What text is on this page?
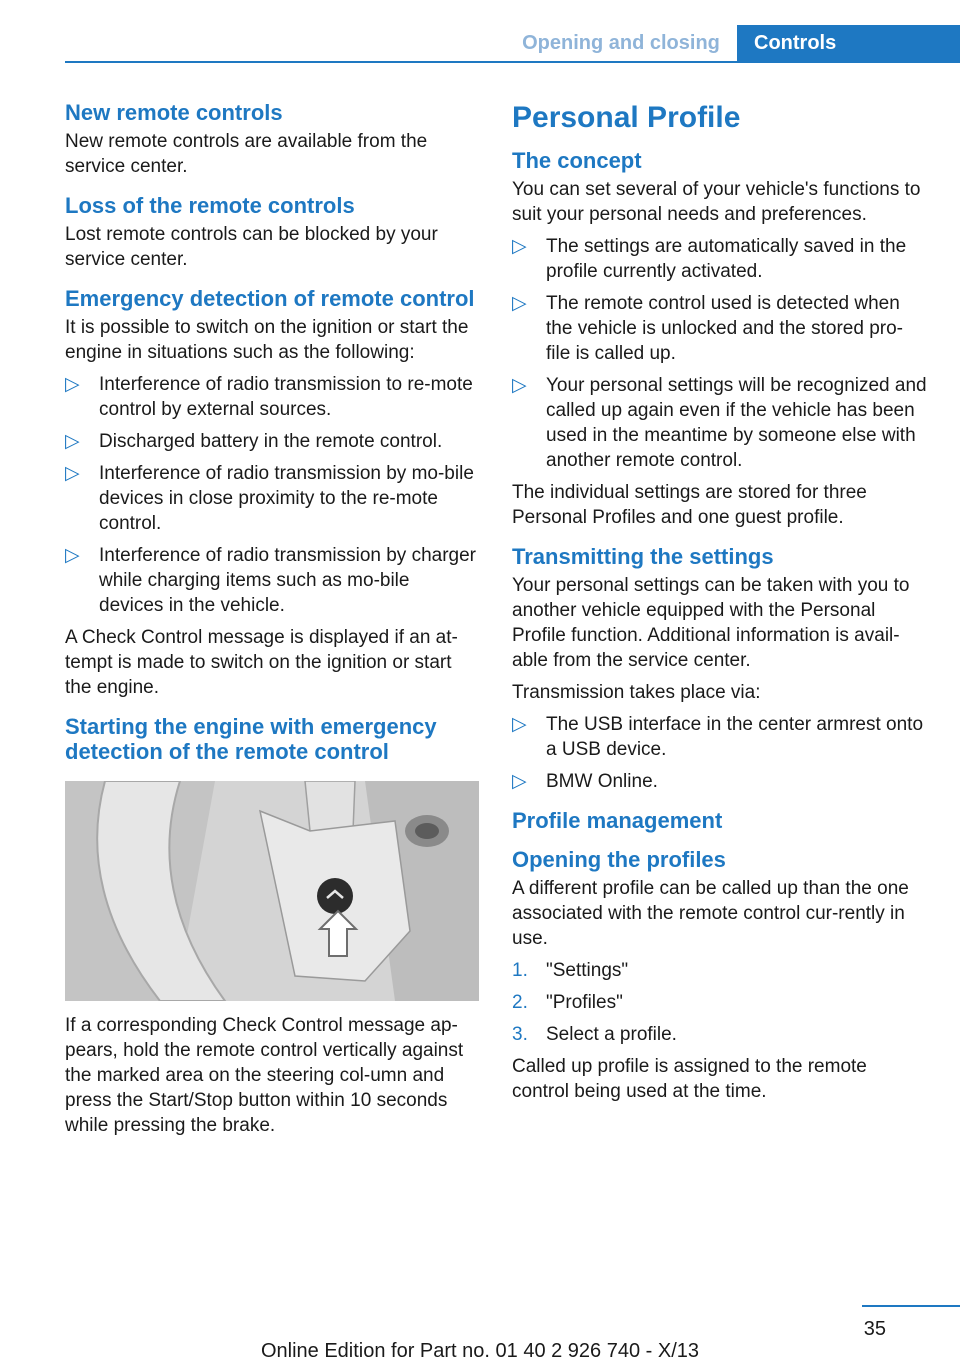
Opening and closing	Controls
New remote controls

New remote controls are available from the service center.

Loss of the remote controls

Lost remote controls can be blocked by your service center.

Emergency detection of remote control

It is possible to switch on the ignition or start the engine in situations such as the following:

▷ Interference of radio transmission to re‐mote control by external sources.
▷ Discharged battery in the remote control.
▷ Interference of radio transmission by mo‐bile devices in close proximity to the re‐mote control.
▷ Interference of radio transmission by charger while charging items such as mo‐bile devices in the vehicle.

A Check Control message is displayed if an at‐tempt is made to switch on the ignition or start the engine.

Starting the engine with emergency detection of the remote control

If a corresponding Check Control message ap‐pears, hold the remote control vertically against the marked area on the steering col‐umn and press the Start/Stop button within 10 seconds while pressing the brake.

Personal Profile
The concept

You can set several of your vehicle's functions to suit your personal needs and preferences.

▷ The settings are automatically saved in the profile currently activated.
▷ The remote control used is detected when the vehicle is unlocked and the stored pro‐file is called up.
▷ Your personal settings will be recognized and called up again even if the vehicle has been used in the meantime by someone else with another remote control.

The individual settings are stored for three Personal Profiles and one guest profile.

Transmitting the settings

Your personal settings can be taken with you to another vehicle equipped with the Personal Profile function. Additional information is avail‐able from the service center.

Transmission takes place via:

▷ The USB interface in the center armrest onto a USB device.
▷ BMW Online.
Profile management
Opening the profiles

A different profile can be called up than the one associated with the remote control cur‐rently in use.

1. "Settings"
2. "Profiles"
3. Select a profile.

Called up profile is assigned to the remote control being used at the time.

35
Online Edition for Part no. 01 40 2 926 740 - X/13
